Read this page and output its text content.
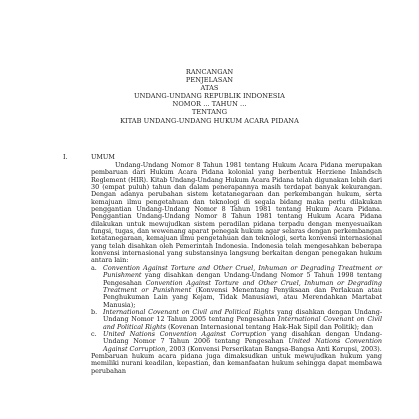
RANCANGAN
PENJELASAN
ATAS
UNDANG-UNDANG REPUBLIK INDONESIA
NOMOR ... TAHUN ...
TENTANG
KITAB UNDANG-UNDANG HUKUM ACARA PIDANA
I.	UMUM
Undang-Undang Nomor 8 Tahun 1981 tentang Hukum Acara Pidana merupakan pembaruan dari Hukum Acara Pidana kolonial yang berbentuk Herziene Inlandsch Reglement (HIR). Kitab Undang-Undang Hukum Acara Pidana telah digunakan lebih dari 30 (empat puluh) tahun dan dalam penerapannya masih terdapat banyak kekurangan. Dengan adanya perubahan sistem ketatanegaraan dan perkembangan hukum, serta kemajuan ilmu pengetahuan dan teknologi di segala bidang maka perlu dilakukan penggantian Undang-Undang Nomor 8 Tahun 1981 tentang Hukum Acara Pidana. Penggantian Undang-Undang Nomor 8 Tahun 1981 tentang Hukum Acara Pidana dilakukan untuk mewujudkan sistem peradilan pidana terpadu dengan menyesuaikan fungsi, tugas, dan wewenang aparat penegak hukum agar selaras dengan perkembangan ketatanegaraan, kemajuan ilmu pengetahuan dan teknologi, serta konvensi internasional yang telah disahkan oleh Pemerintah Indonesia. Indonesia telah mengesahkan beberapa konvensi internasional yang substansinya langsung berkaitan dengan penegakan hukum antara lain:
a. Convention Against Torture and Other Cruel, Inhuman or Degrading Treatment or Punishment yang disahkan dengan Undang-Undang Nomor 5 Tahun 1998 tentang Pengesahan Convention Against Torture and Other Cruel, Inhuman or Degrading Treatment or Punishment (Konvensi Menentang Penyiksaan dan Perlakuan atau Penghukuman Lain yang Kejam, Tidak Manusiawi, atau Merendahkan Martabat Manusia);
b. International Covenant on Civil and Political Rights yang disahkan dengan Undang-Undang Nomor 12 Tahun 2005 tentang Pengesahan International Covenant on Civil and Political Rights (Kovenan Internasional tentang Hak-Hak Sipil dan Politik); dan
c. United Nations Convention Against Corruption yang disahkan dengan Undang-Undang Nomor 7 Tahun 2006 tentang Pengesahan United Nations Convention Against Corruption, 2003 (Konvensi Perserikatan Bangsa-Bangsa Anti Korupsi, 2003).
Pembaruan hukum acara pidana juga dimaksudkan untuk mewujudkan hukum yang memiliki nurani keadilan, kepastian, dan kemanfaatan hukum sehingga dapat membawa perubahan
